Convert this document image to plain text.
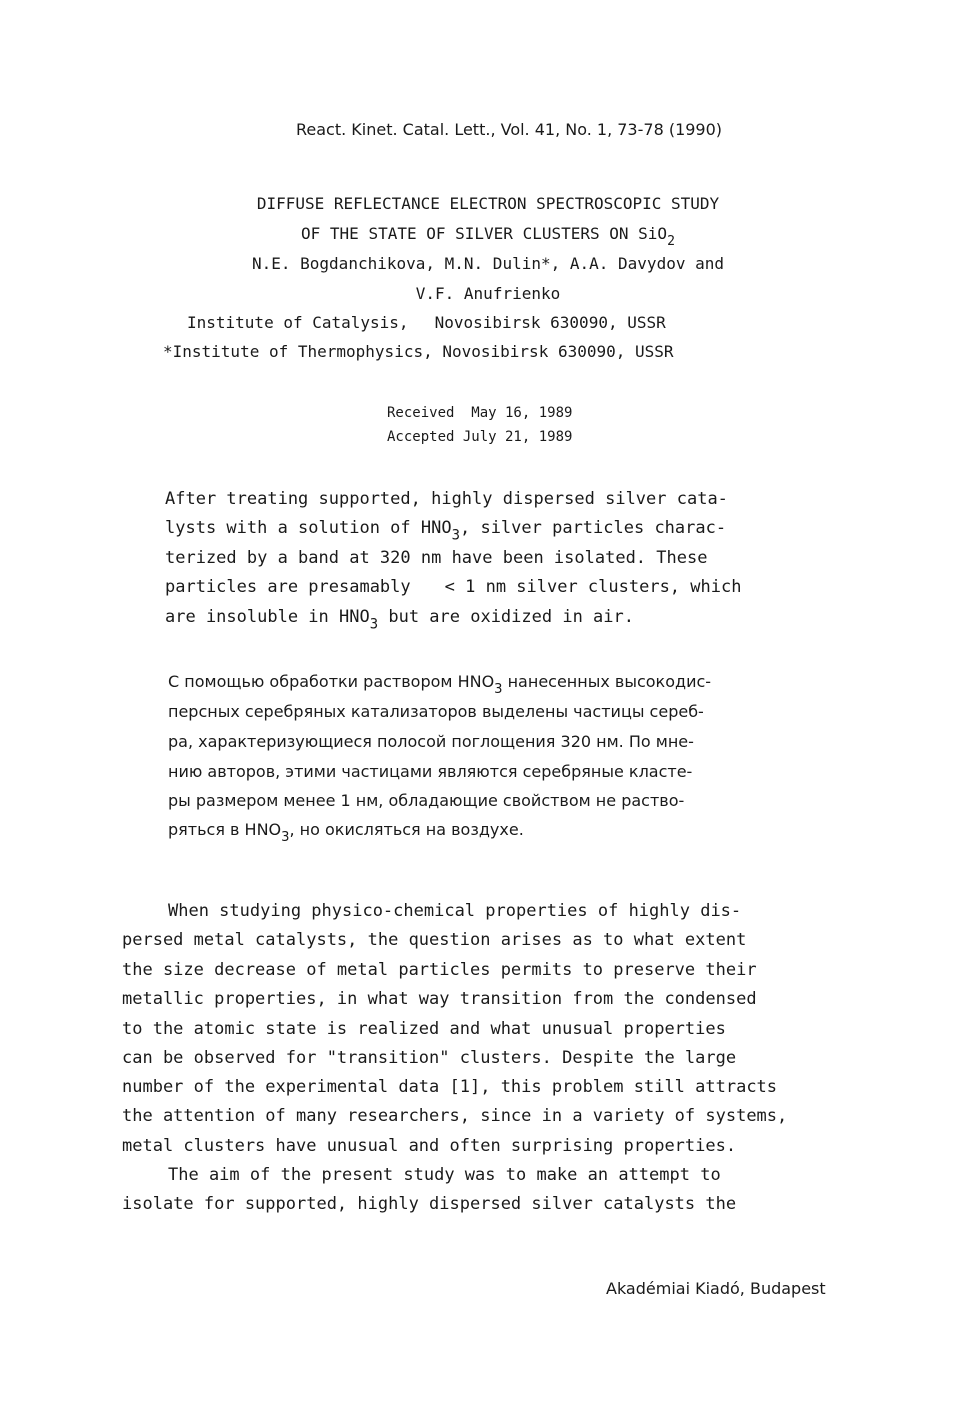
React. Kinet. Catal. Lett., Vol. 41, No. 1, 73-78 (1990)
DIFFUSE REFLECTANCE ELECTRON SPECTROSCOPIC STUDY
OF THE STATE OF SILVER CLUSTERS ON SiO$_2$
N.E. Bogdanchikova, M.N. Dulin*, A.A. Davydov and
V.F. Anufrienko
Institute of Catalysis, Novosibirsk 630090, USSR
*Institute of Thermophysics, Novosibirsk 630090, USSR
Received  May 16, 1989
Accepted July 21, 1989
After treating supported, highly dispersed silver cata-
lysts with a solution of $HNO_3$, silver particles charac-
terized by a band at 320 nm have been isolated. These
particles are presamably < 1 nm silver clusters, which
are insoluble in $HNO_3$ but are oxidized in air.
С помощью обработки раствором $HNO_3$ нанесенных высокодис-
персных серебряных катализаторов выделены частицы сереб-
ра, характеризующиеся полосой поглощения 320 нм. По мне-
нию авторов, этими частицами являются серебряные класте-
ры размером менее 1 нм, обладающие свойством не раство-
ряться в $HNO_3$, но окисляться на воздухе.
When studying physico-chemical properties of highly dis-
persed metal catalysts, the question arises as to what extent
the size decrease of metal particles permits to preserve their
metallic properties, in what way transition from the condensed
to the atomic state is realized and what unusual properties
can be observed for "transition" clusters. Despite the large
number of the experimental data [1], this problem still attracts
the attention of many researchers, since in a variety of systems,
metal clusters have unusual and often surprising properties.
The aim of the present study was to make an attempt to
isolate for supported, highly dispersed silver catalysts the
Akadémiai Kiadó, Budapest
